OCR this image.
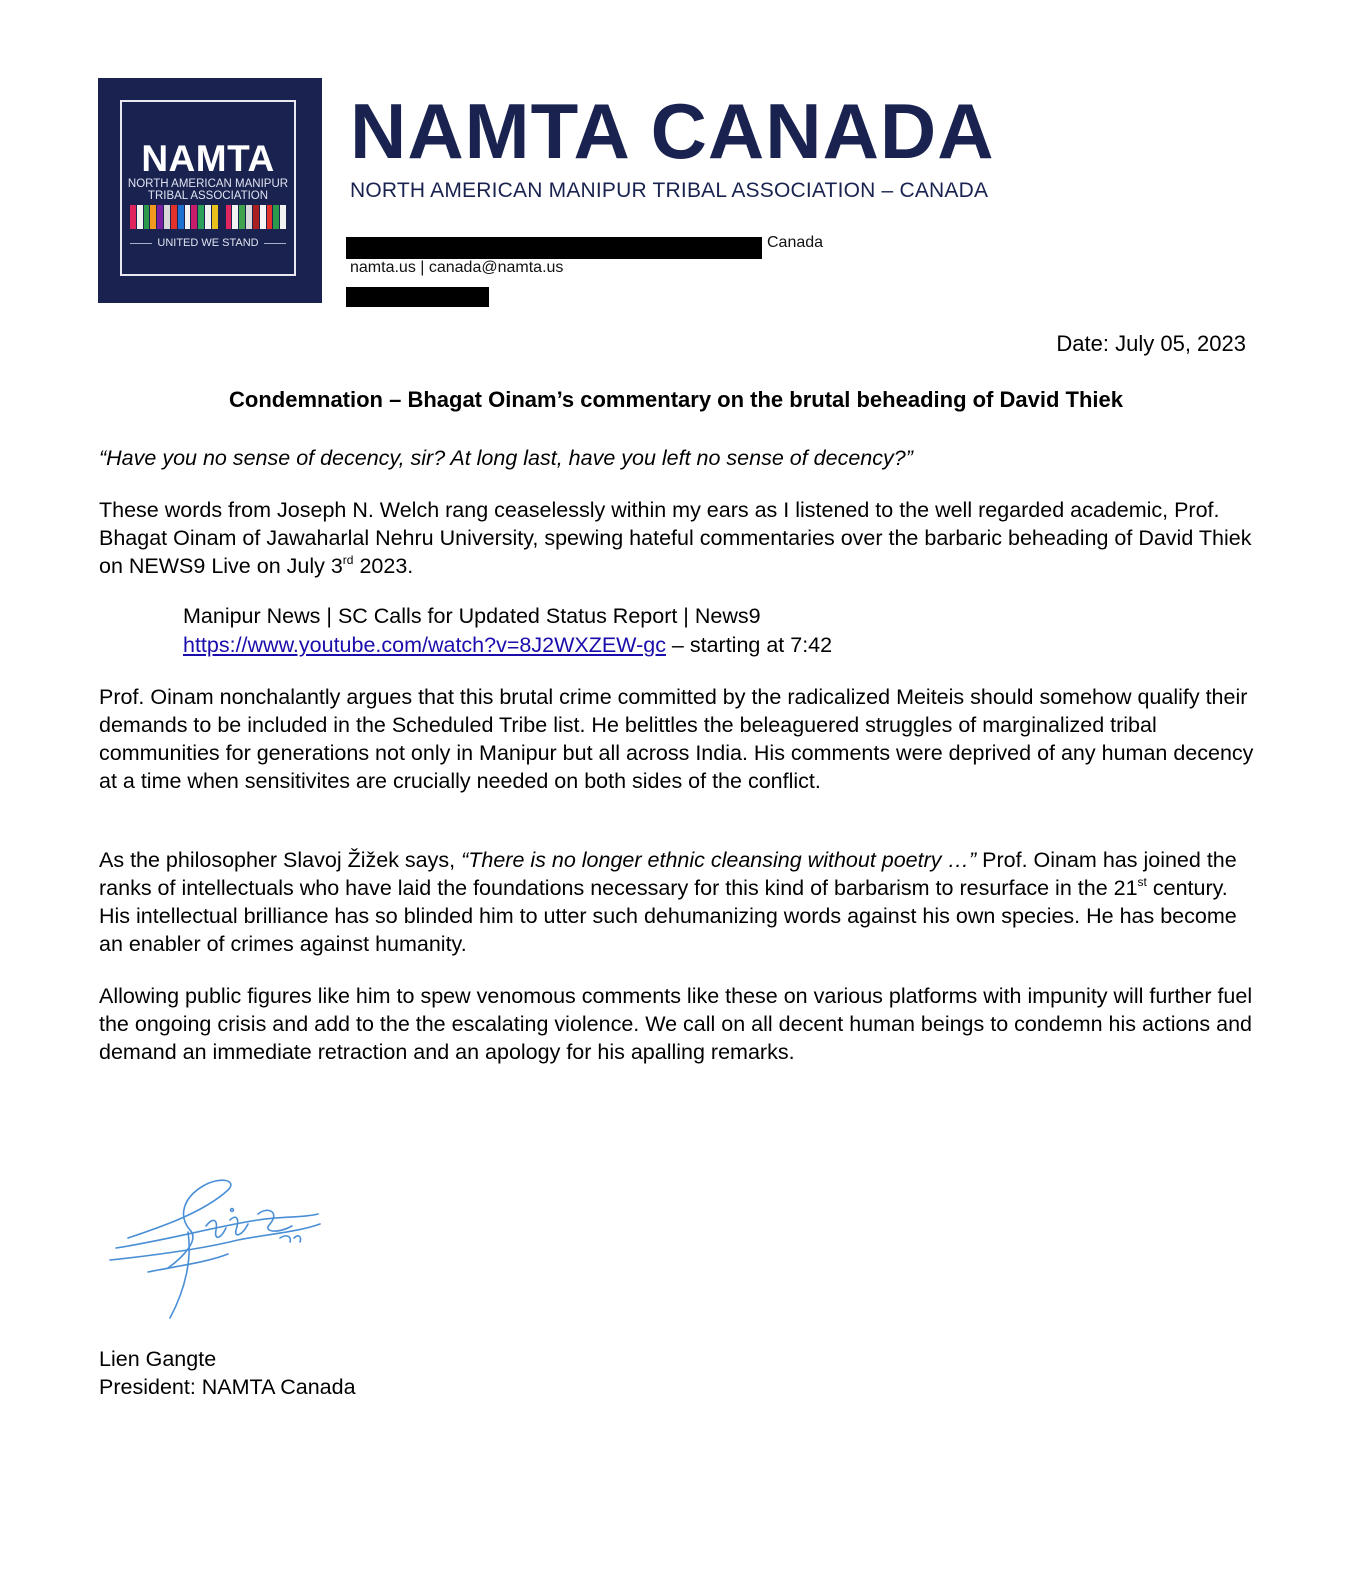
NAMTA
NORTH AMERICAN MANIPUR
TRIBAL ASSOCIATION
UNITED WE STAND
NAMTA CANADA
NORTH AMERICAN MANIPUR TRIBAL ASSOCIATION – CANADA
Canada
namta.us | canada@namta.us
Date: July 05, 2023
Condemnation – Bhagat Oinam’s commentary on the brutal beheading of David Thiek

“Have you no sense of decency, sir? At long last, have you left no sense of decency?”

These words from Joseph N. Welch rang ceaselessly within my ears as I listened to the well regarded academic, Prof. Bhagat Oinam of Jawaharlal Nehru University, spewing hateful commentaries over the barbaric beheading of David Thiek on NEWS9 Live on July 3rd 2023.

Manipur News | SC Calls for Updated Status Report | News9
https://www.youtube.com/watch?v=8J2WXZEW-gc – starting at 7:42

Prof. Oinam nonchalantly argues that this brutal crime committed by the radicalized Meiteis should somehow qualify their demands to be included in the Scheduled Tribe list. He belittles the beleaguered struggles of marginalized tribal communities for generations not only in Manipur but all across India. His comments were deprived of any human decency at a time when sensitivites are crucially needed on both sides of the conflict.

As the philosopher Slavoj Žižek says, “There is no longer ethnic cleansing without poetry …” Prof. Oinam has joined the ranks of intellectuals who have laid the foundations necessary for this kind of barbarism to resurface in the 21st century. His intellectual brilliance has so blinded him to utter such dehumanizing words against his own species. He has become an enabler of crimes against humanity.

Allowing public figures like him to spew venomous comments like these on various platforms with impunity will further fuel the ongoing crisis and add to the the escalating violence. We call on all decent human beings to condemn his actions and demand an immediate retraction and an apology for his apalling remarks.

Lien Gangte
President: NAMTA Canada
